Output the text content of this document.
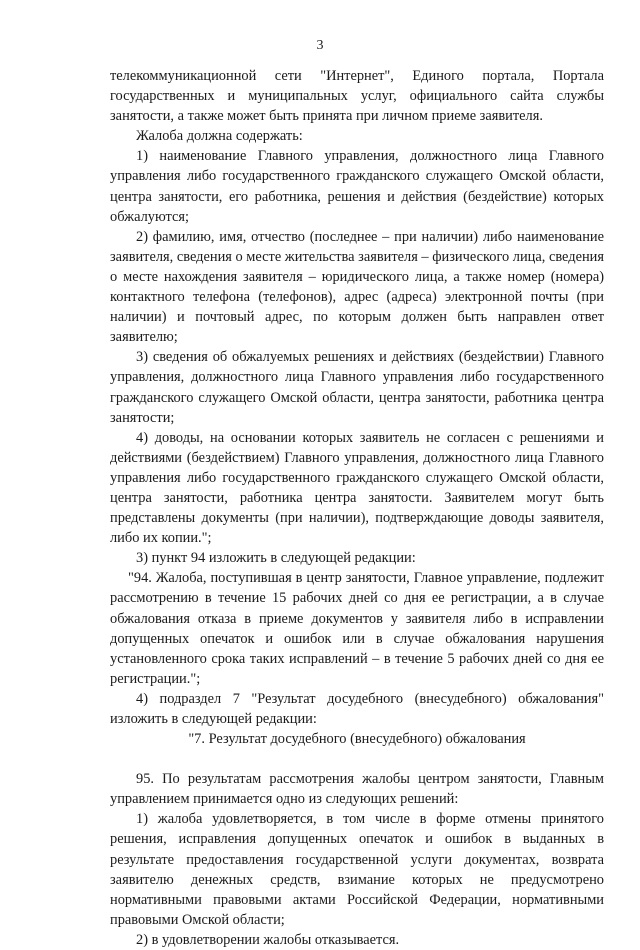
3

телекоммуникационной сети "Интернет", Единого портала, Портала государственных и муниципальных услуг, официального сайта службы занятости, а также может быть принята при личном приеме заявителя.

Жалоба должна содержать:

1) наименование Главного управления, должностного лица Главного управления либо государственного гражданского служащего Омской области, центра занятости, его работника, решения и действия (бездействие) которых обжалуются;

2) фамилию, имя, отчество (последнее – при наличии) либо наименование заявителя, сведения о месте жительства заявителя – физического лица, сведения о месте нахождения заявителя – юридического лица, а также номер (номера) контактного телефона (телефонов), адрес (адреса) электронной почты (при наличии) и почтовый адрес, по которым должен быть направлен ответ заявителю;

3) сведения об обжалуемых решениях и действиях (бездействии) Главного управления, должностного лица Главного управления либо государственного гражданского служащего Омской области, центра занятости, работника центра занятости;

4) доводы, на основании которых заявитель не согласен с решениями и действиями (бездействием) Главного управления, должностного лица Главного управления либо государственного гражданского служащего Омской области, центра занятости, работника центра занятости. Заявителем могут быть представлены документы (при наличии), подтверждающие доводы заявителя, либо их копии.";

3) пункт 94 изложить в следующей редакции:

"94. Жалоба, поступившая в центр занятости, Главное управление, подлежит рассмотрению в течение 15 рабочих дней со дня ее регистрации, а в случае обжалования отказа в приеме документов у заявителя либо в исправлении допущенных опечаток и ошибок или в случае обжалования нарушения установленного срока таких исправлений – в течение 5 рабочих дней со дня ее регистрации.";

4) подраздел 7 "Результат досудебного (внесудебного) обжалования" изложить в следующей редакции:

"7. Результат досудебного (внесудебного) обжалования

95. По результатам рассмотрения жалобы центром занятости, Главным управлением принимается одно из следующих решений:

1) жалоба удовлетворяется, в том числе в форме отмены принятого решения, исправления допущенных опечаток и ошибок в выданных в результате предоставления государственной услуги документах, возврата заявителю денежных средств, взимание которых не предусмотрено нормативными правовыми актами Российской Федерации, нормативными правовыми Омской области;

2) в удовлетворении жалобы отказывается.
